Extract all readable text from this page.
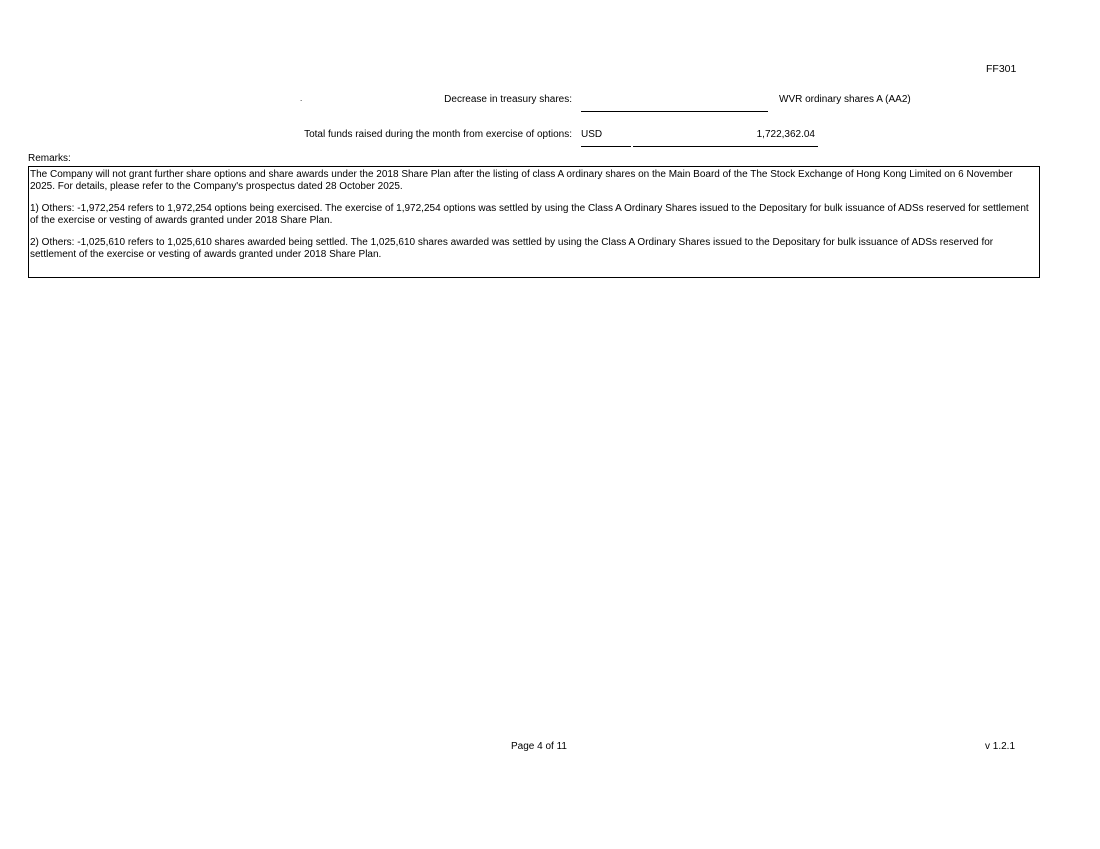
FF301
.	Decrease in treasury shares:	WVR ordinary shares A (AA2)
Total funds raised during the month from exercise of options: USD	1,722,362.04
Remarks:

The Company will not grant further share options and share awards under the 2018 Share Plan after the listing of class A ordinary shares on the Main Board of the The Stock Exchange of Hong Kong Limited on 6 November 2025. For details, please refer to the Company's prospectus dated 28 October 2025.

1) Others: -1,972,254 refers to 1,972,254 options being exercised. The exercise of 1,972,254 options was settled by using the Class A Ordinary Shares issued to the Depositary for bulk issuance of ADSs reserved for settlement of the exercise or vesting of awards granted under 2018 Share Plan.

2) Others: -1,025,610 refers to 1,025,610 shares awarded being settled. The 1,025,610 shares awarded was settled by using the Class A Ordinary Shares issued to the Depositary for bulk issuance of ADSs reserved for settlement of the exercise or vesting of awards granted under 2018 Share Plan.

Page 4 of 11	v 1.2.1
